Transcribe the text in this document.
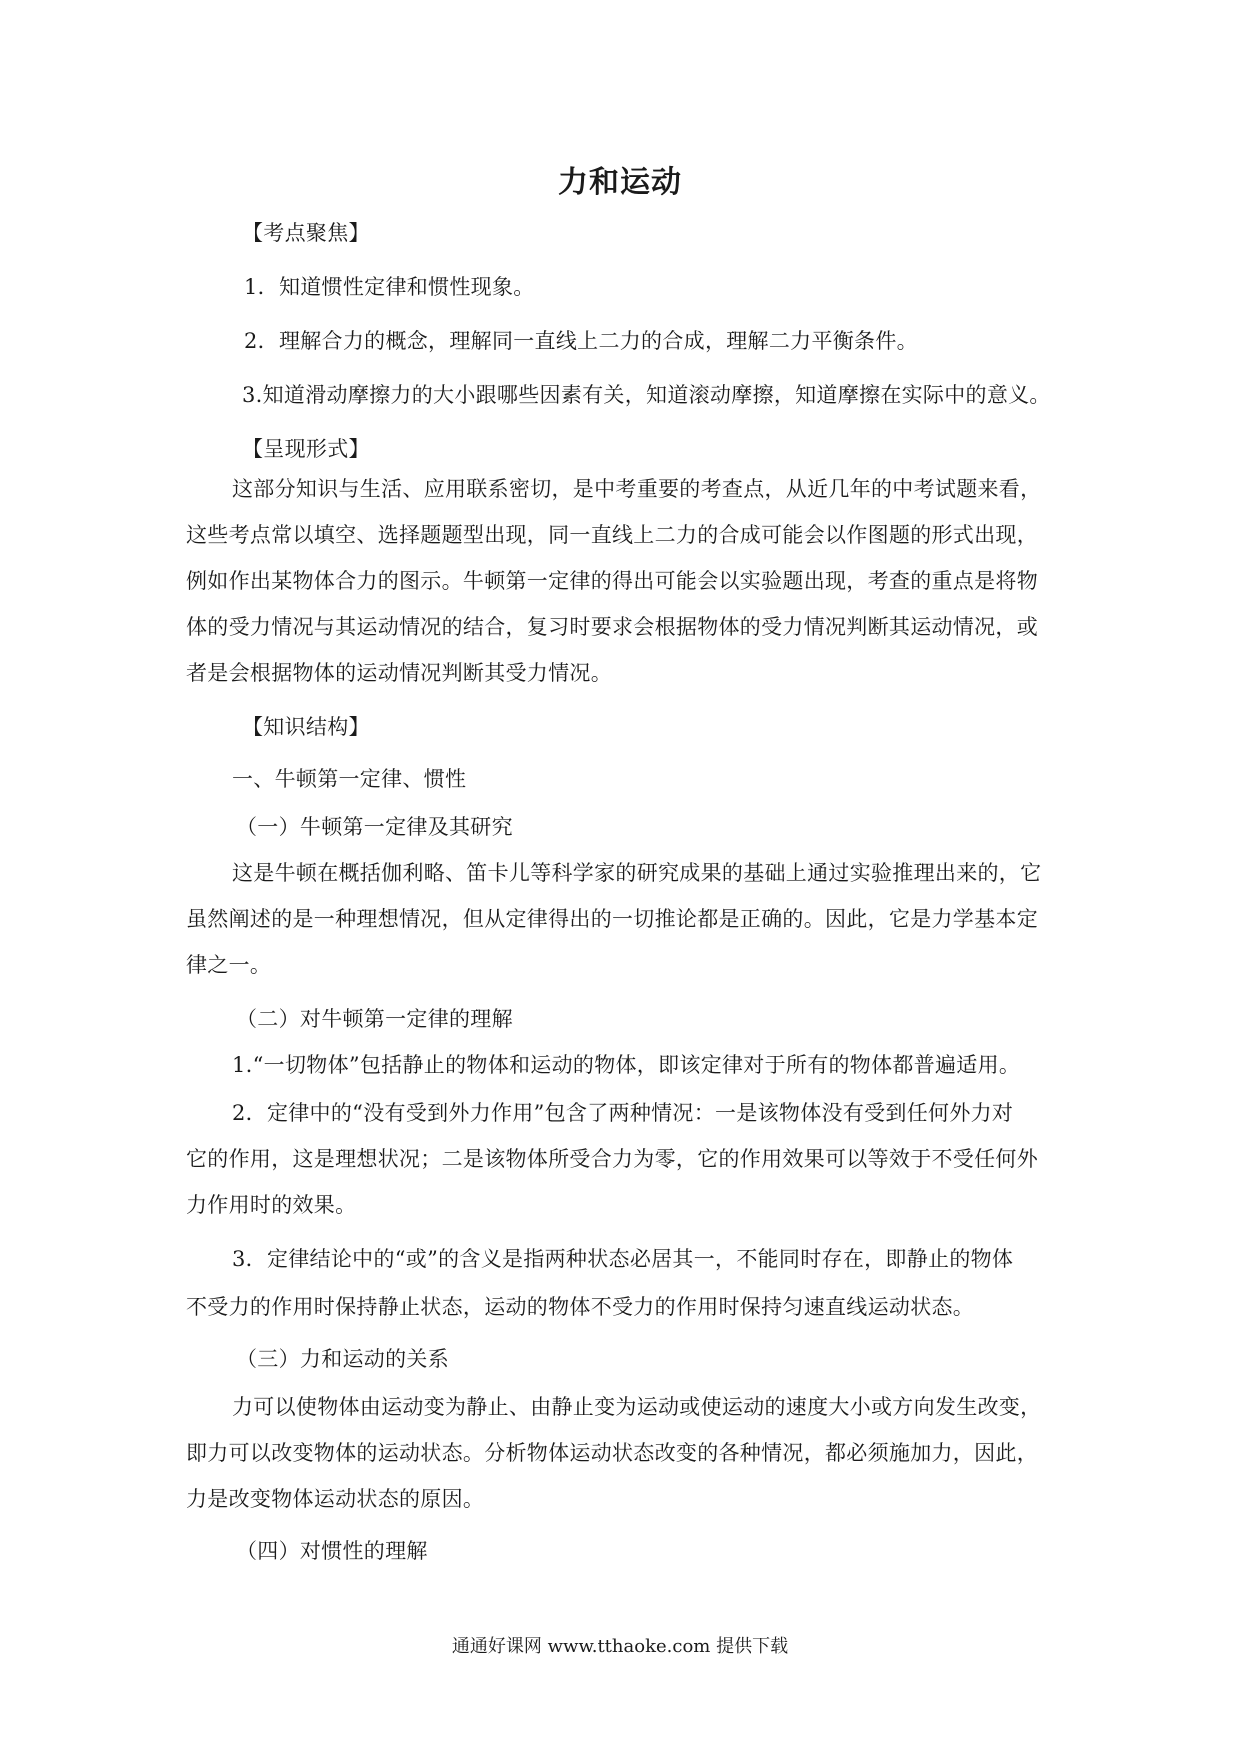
力和运动
【考点聚焦】
1．知道惯性定律和惯性现象。
2．理解合力的概念，理解同一直线上二力的合成，理解二力平衡条件。
3.知道滑动摩擦力的大小跟哪些因素有关，知道滚动摩擦，知道摩擦在实际中的意义。
【呈现形式】
这部分知识与生活、应用联系密切，是中考重要的考查点，从近几年的中考试题来看，
这些考点常以填空、选择题题型出现，同一直线上二力的合成可能会以作图题的形式出现，
例如作出某物体合力的图示。牛顿第一定律的得出可能会以实验题出现，考查的重点是将物
体的受力情况与其运动情况的结合，复习时要求会根据物体的受力情况判断其运动情况，或
者是会根据物体的运动情况判断其受力情况。
【知识结构】
一、牛顿第一定律、惯性
（一）牛顿第一定律及其研究
这是牛顿在概括伽利略、笛卡儿等科学家的研究成果的基础上通过实验推理出来的，它
虽然阐述的是一种理想情况，但从定律得出的一切推论都是正确的。因此，它是力学基本定
律之一。
（二）对牛顿第一定律的理解
1.“一切物体”包括静止的物体和运动的物体，即该定律对于所有的物体都普遍适用。
2．定律中的“没有受到外力作用”包含了两种情况：一是该物体没有受到任何外力对
它的作用，这是理想状况；二是该物体所受合力为零，它的作用效果可以等效于不受任何外
力作用时的效果。
3．定律结论中的“或”的含义是指两种状态必居其一，不能同时存在，即静止的物体
不受力的作用时保持静止状态，运动的物体不受力的作用时保持匀速直线运动状态。
（三）力和运动的关系
力可以使物体由运动变为静止、由静止变为运动或使运动的速度大小或方向发生改变，
即力可以改变物体的运动状态。分析物体运动状态改变的各种情况，都必须施加力，因此，
力是改变物体运动状态的原因。
（四）对惯性的理解
通通好课网 www.tthaoke.com 提供下载
